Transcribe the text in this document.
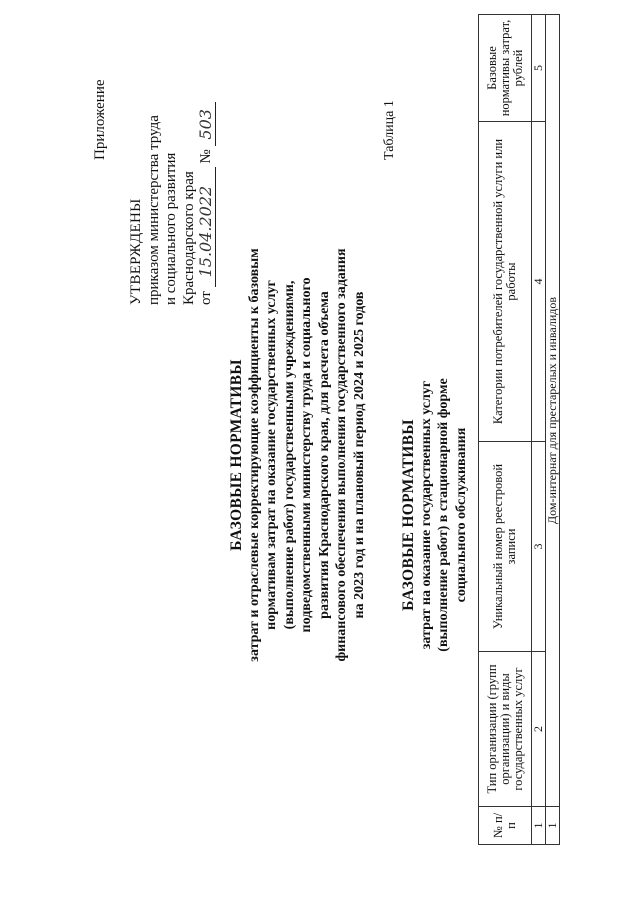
Приложение
УТВЕРЖДЕНЫ приказом министерства труда и социального развития Краснодарского края от
15.04.2022
№
503
БАЗОВЫЕ НОРМАТИВЫ затрат и отраслевые корректирующие коэффициенты к базовым нормативам затрат на оказание государственных услуг (выполнение работ) государственными учреждениями, подведомственными министерству труда и социального развития Краснодарского края, для расчета объема финансового обеспечения выполнения государственного задания на 2023 год и на плановый период 2024 и 2025 годов
Таблица 1
БАЗОВЫЕ НОРМАТИВЫ затрат на оказание государственных услуг (выполнение работ) в стационарной форме социального обслуживания
№ п/п	Тип организации (групп организации) и виды государственных услуг	Уникальный номер реестровой записи	Категории потребителей государственной услуги или работы	Базовые нормативы затрат, рублей
1	2	3	4	5
1	Дом-интернат для престарелых и инвалидов			
